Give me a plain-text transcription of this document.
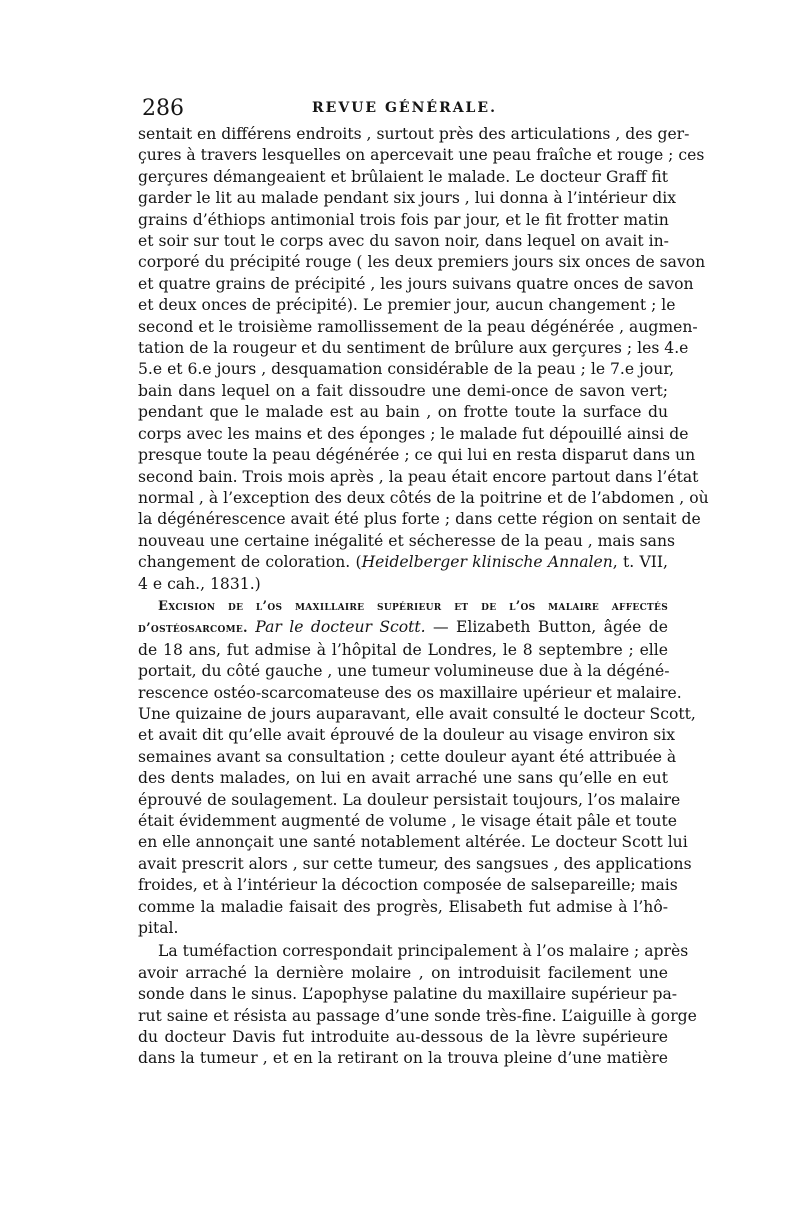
286	REVUE GÉNÉRALE.

sentait en différens endroits , surtout près des articulations , des ger-
çures à travers lesquelles on apercevait une peau fraîche et rouge ; ces
gerçures démangeaient et brûlaient le malade. Le docteur Graff fit
garder le lit au malade pendant six jours , lui donna à l’intérieur dix
grains d’éthiops antimonial trois fois par jour, et le fit frotter matin
et soir sur tout le corps avec du savon noir, dans lequel on avait in-
corporé du précipité rouge ( les deux premiers jours six onces de savon
et quatre grains de précipité , les jours suivans quatre onces de savon
et deux onces de précipité). Le premier jour, aucun changement ; le
second et le troisième ramollissement de la peau dégénérée , augmen-
tation de la rougeur et du sentiment de brûlure aux gerçures ; les 4.e
5.e et 6.e jours , desquamation considérable de la peau ; le 7.e jour,
bain dans lequel on a fait dissoudre une demi-once de savon vert;
pendant que le malade est au bain , on frotte toute la surface du
corps avec les mains et des éponges ; le malade fut dépouillé ainsi de
presque toute la peau dégénérée ; ce qui lui en resta disparut dans un
second bain. Trois mois après , la peau était encore partout dans l’état
normal , à l’exception des deux côtés de la poitrine et de l’abdomen , où
la dégénérescence avait été plus forte ; dans cette région on sentait de
nouveau une certaine inégalité et sécheresse de la peau , mais sans
changement de coloration. (Heidelberger klinische Annalen, t. VII,
4 e cah., 1831.)

Excision de l’os maxillaire supérieur et de l’os malaire affectés
d’ostéosarcome. Par le docteur Scott. — Elizabeth Button, âgée de
de 18 ans, fut admise à l’hôpital de Londres, le 8 septembre ; elle
portait, du côté gauche , une tumeur volumineuse due à la dégéné-
rescence ostéo-scarcomateuse des os maxillaire upérieur et malaire.
Une quizaine de jours auparavant, elle avait consulté le docteur Scott,
et avait dit qu’elle avait éprouvé de la douleur au visage environ six
semaines avant sa consultation ; cette douleur ayant été attribuée à
des dents malades, on lui en avait arraché une sans qu’elle en eut
éprouvé de soulagement. La douleur persistait toujours, l’os malaire
était évidemment augmenté de volume , le visage était pâle et toute
en elle annonçait une santé notablement altérée. Le docteur Scott lui
avait prescrit alors , sur cette tumeur, des sangsues , des applications
froides, et à l’intérieur la décoction composée de salsepareille; mais
comme la maladie faisait des progrès, Elisabeth fut admise à l’hô-
pital.

La tuméfaction correspondait principalement à l’os malaire ; après
avoir arraché la dernière molaire , on introduisit facilement une
sonde dans le sinus. L’apophyse palatine du maxillaire supérieur pa-
rut saine et résista au passage d’une sonde très-fine. L’aiguille à gorge
du docteur Davis fut introduite au-dessous de la lèvre supérieure
dans la tumeur , et en la retirant on la trouva pleine d’une matière
